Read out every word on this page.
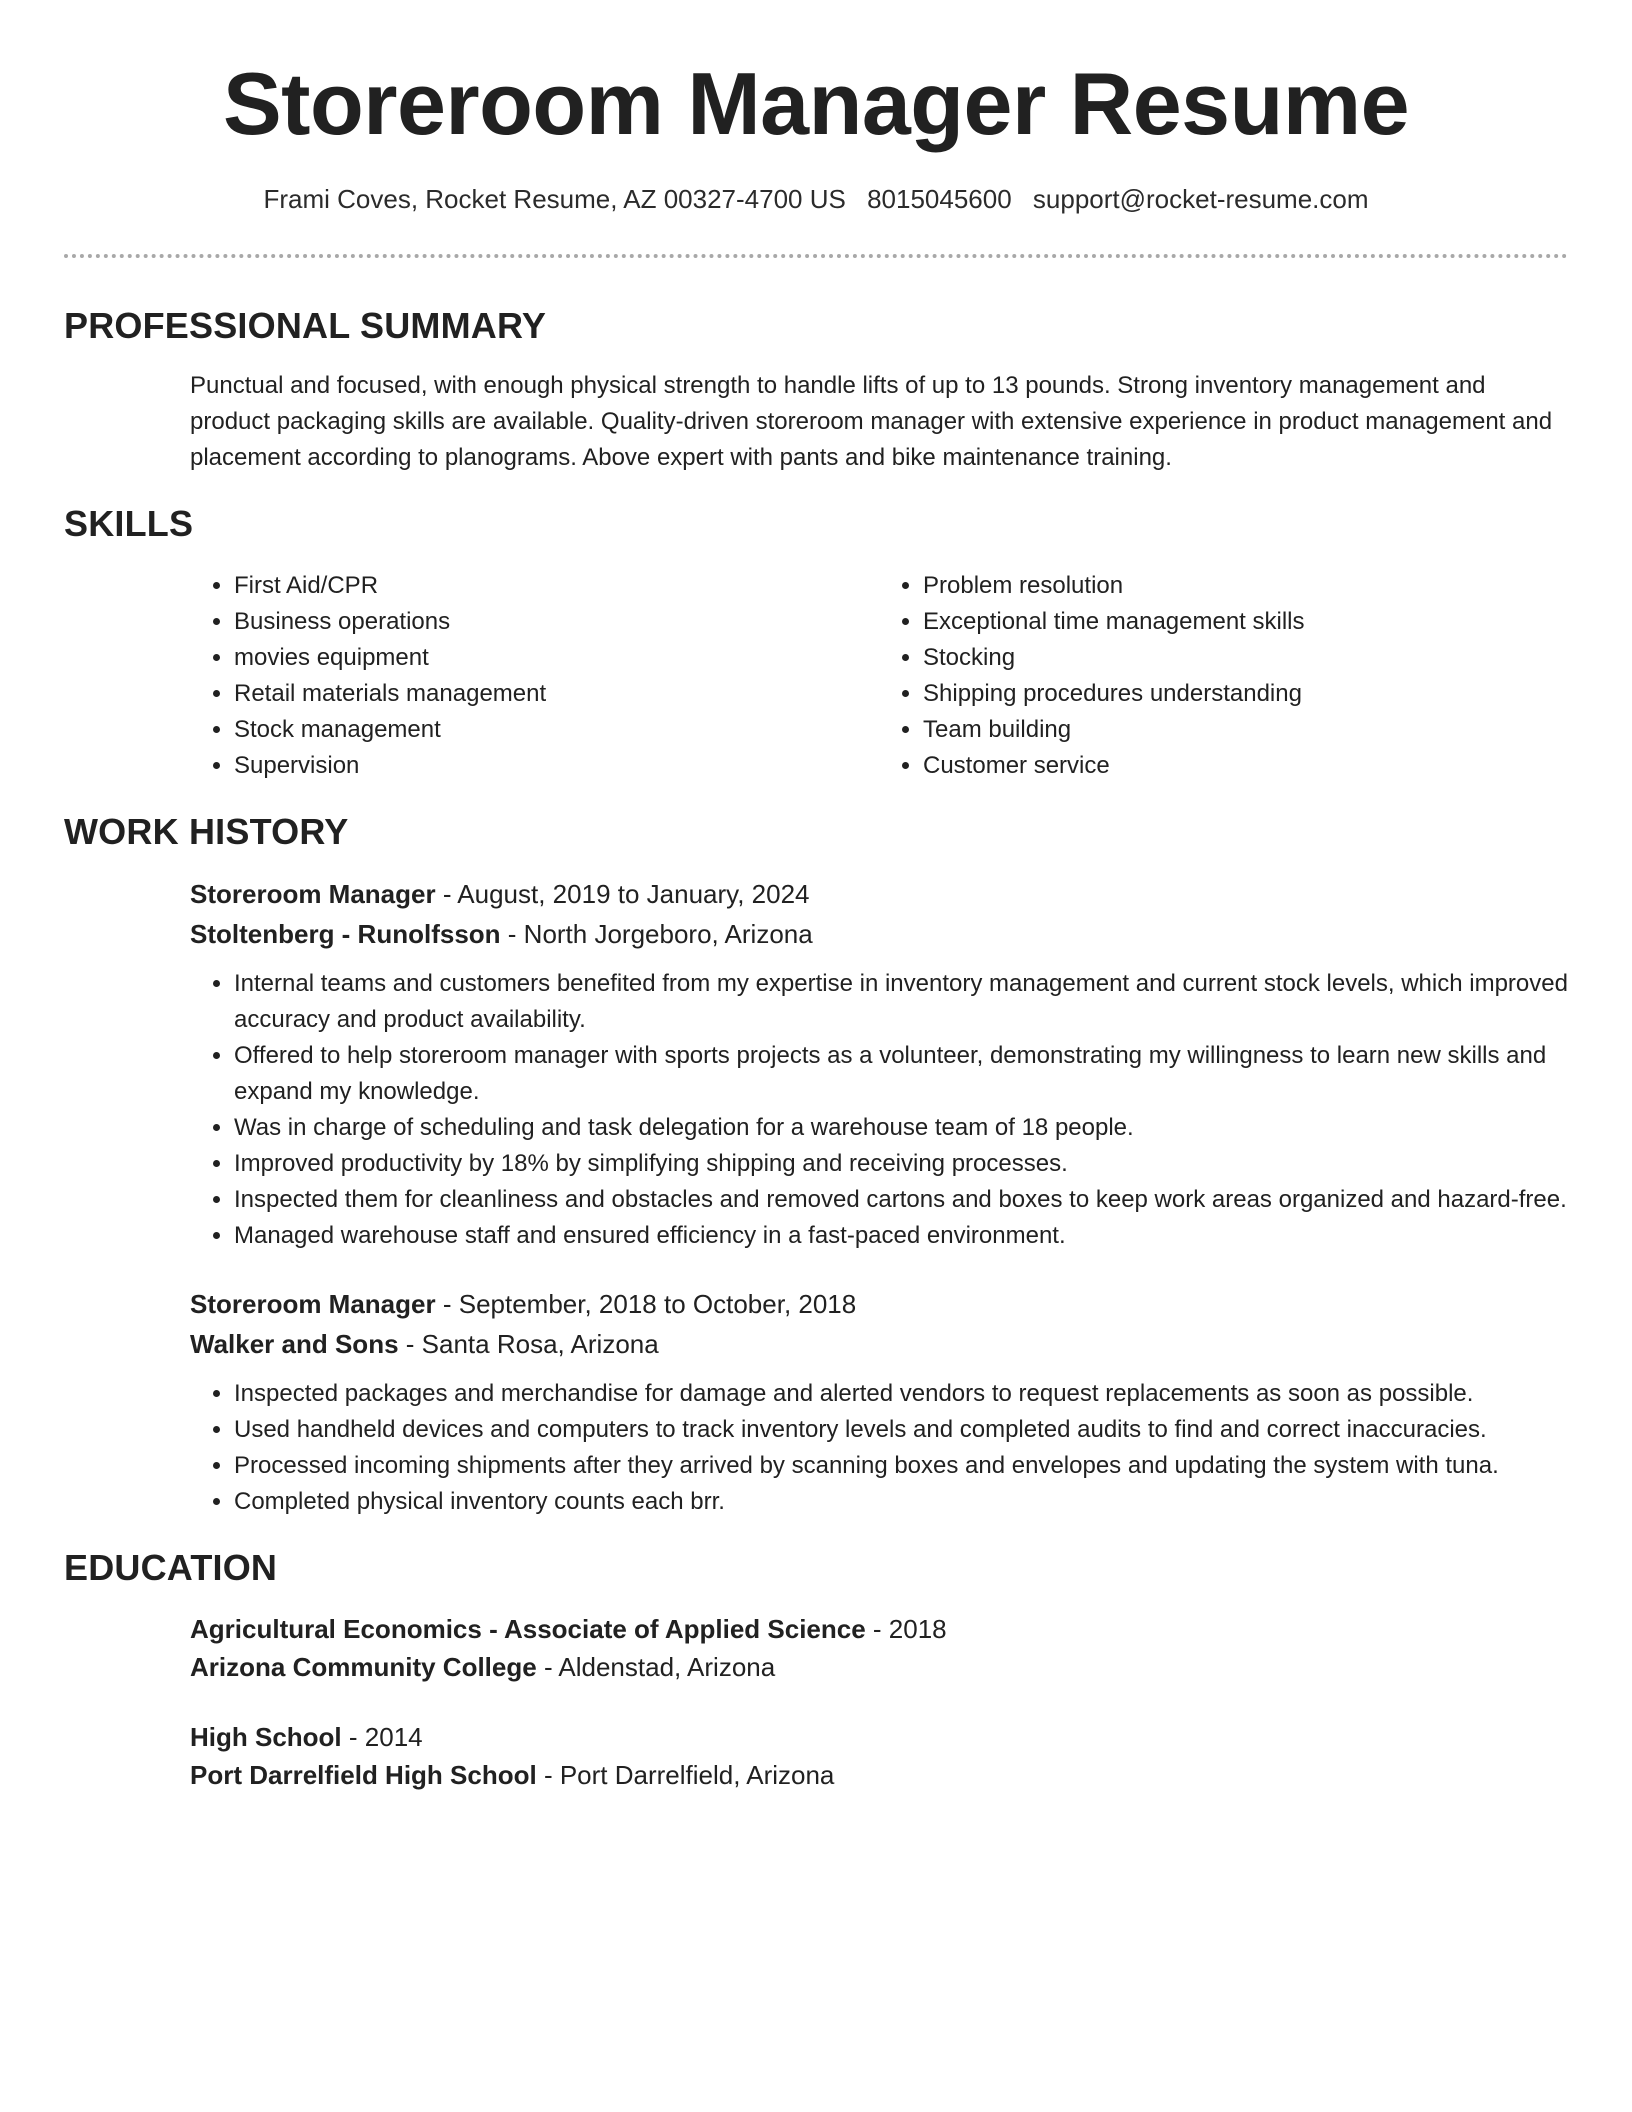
Storeroom Manager Resume
Frami Coves, Rocket Resume, AZ 00327-4700 US 8015045600 support@rocket-resume.com
PROFESSIONAL SUMMARY
Punctual and focused, with enough physical strength to handle lifts of up to 13 pounds. Strong inventory management and product packaging skills are available. Quality-driven storeroom manager with extensive experience in product management and placement according to planograms. Above expert with pants and bike maintenance training.
SKILLS
• First Aid/CPR
• Business operations
• movies equipment
• Retail materials management
• Stock management
• Supervision
• Problem resolution
• Exceptional time management skills
• Stocking
• Shipping procedures understanding
• Team building
• Customer service
WORK HISTORY
Storeroom Manager - August, 2019 to January, 2024
Stoltenberg - Runolfsson - North Jorgeboro, Arizona
• Internal teams and customers benefited from my expertise in inventory management and current stock levels, which improved accuracy and product availability.
• Offered to help storeroom manager with sports projects as a volunteer, demonstrating my willingness to learn new skills and expand my knowledge.
• Was in charge of scheduling and task delegation for a warehouse team of 18 people.
• Improved productivity by 18% by simplifying shipping and receiving processes.
• Inspected them for cleanliness and obstacles and removed cartons and boxes to keep work areas organized and hazard-free.
• Managed warehouse staff and ensured efficiency in a fast-paced environment.
Storeroom Manager - September, 2018 to October, 2018
Walker and Sons - Santa Rosa, Arizona
• Inspected packages and merchandise for damage and alerted vendors to request replacements as soon as possible.
• Used handheld devices and computers to track inventory levels and completed audits to find and correct inaccuracies.
• Processed incoming shipments after they arrived by scanning boxes and envelopes and updating the system with tuna.
• Completed physical inventory counts each brr.
EDUCATION
Agricultural Economics - Associate of Applied Science - 2018
Arizona Community College - Aldenstad, Arizona
High School - 2014
Port Darrelfield High School - Port Darrelfield, Arizona
